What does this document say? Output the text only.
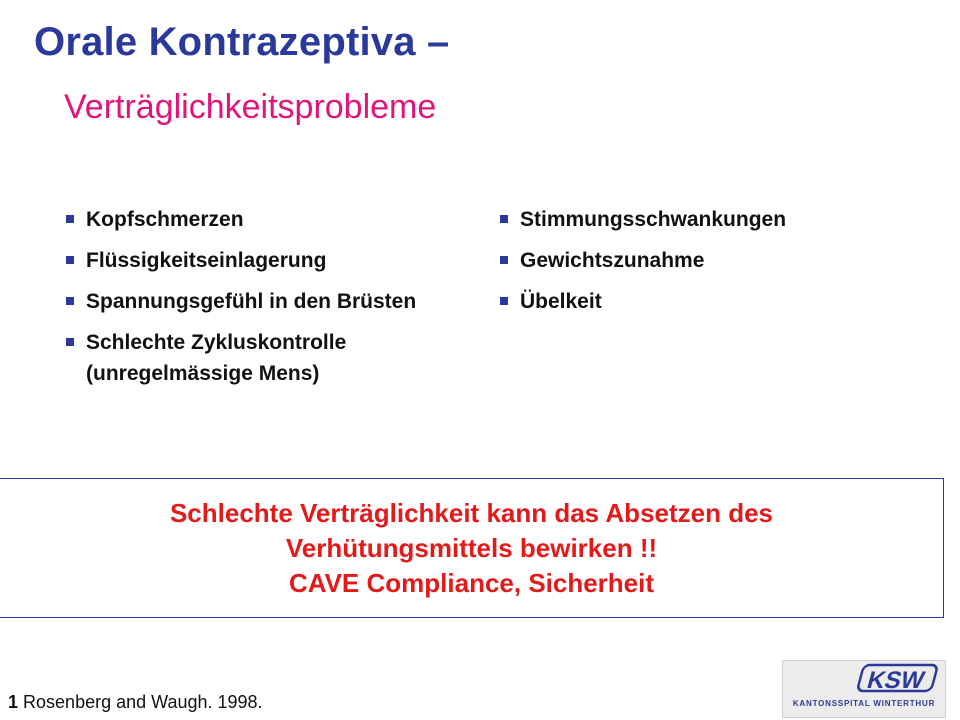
Orale Kontrazeptiva –
Verträglichkeitsprobleme
Kopfschmerzen
Flüssigkeitseinlagerung
Spannungsgefühl in den Brüsten
Schlechte Zykluskontrolle (unregelmässige Mens)
Stimmungsschwankungen
Gewichtszunahme
Übelkeit
Schlechte Verträglichkeit kann das Absetzen des
Verhütungsmittels bewirken !!
CAVE Compliance, Sicherheit
1 Rosenberg and Waugh. 1998.
KSW
KANTONSSPITAL WINTERTHUR
